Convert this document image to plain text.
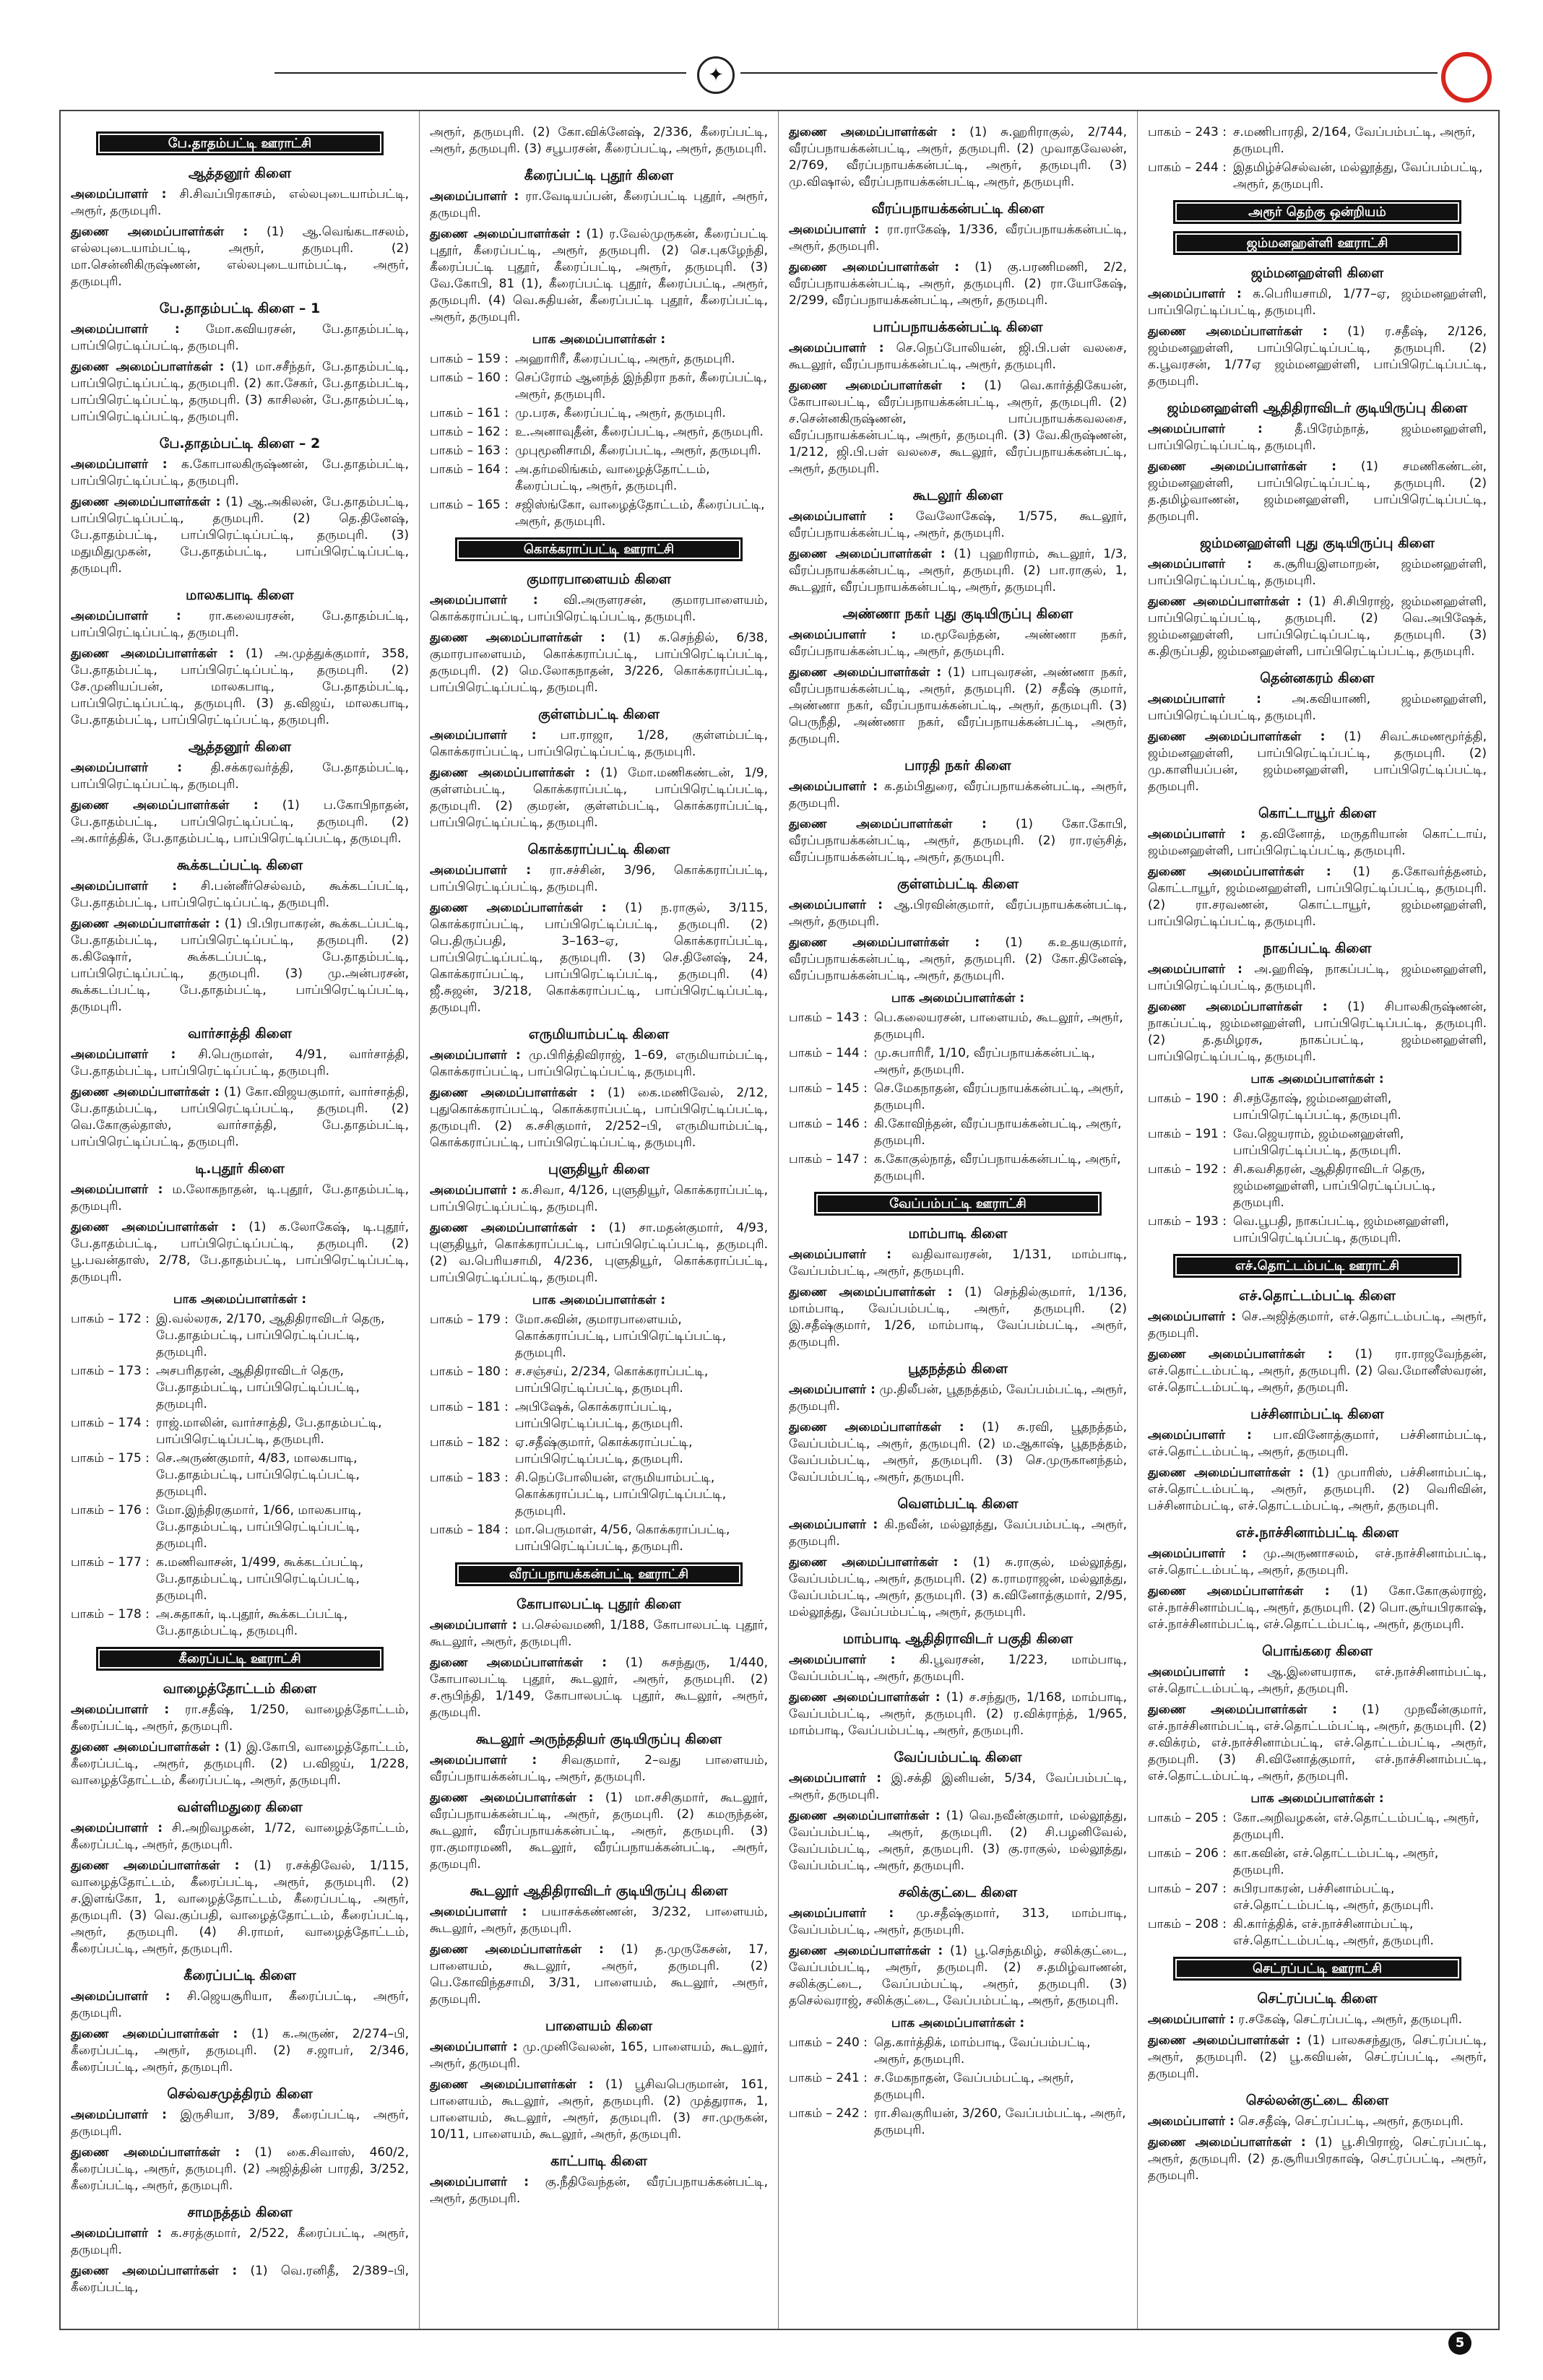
✦
பே.தாதம்பட்டி ஊராட்சி
ஆத்தனூர் கிளை
அமைப்பாளர் : சி.சிவப்பிரகாசம், எல்லபுடையாம்பட்டி, அரூர், தருமபுரி.
துணை அமைப்பாளர்கள் : (1) ஆ.வெங்கடாசலம், எல்லபுடையாம்பட்டி, அரூர், தருமபுரி. (2) மா.சென்னிகிருஷ்ணன், எல்லபுடையாம்பட்டி, அரூர், தருமபுரி.
பே.தாதம்பட்டி கிளை – 1
அமைப்பாளர் : மோ.கவியரசன், பே.தாதம்பட்டி, பாப்பிரெட்டிப்பட்டி, தருமபுரி.
துணை அமைப்பாளர்கள் : (1) மா.சசீந்தர், பே.தாதம்பட்டி, பாப்பிரெட்டிப்பட்டி, தருமபுரி. (2) கா.சேகர், பே.தாதம்பட்டி, பாப்பிரெட்டிப்பட்டி, தருமபுரி. (3) காசிலன், பே.தாதம்பட்டி, பாப்பிரெட்டிப்பட்டி, தருமபுரி.
பே.தாதம்பட்டி கிளை – 2
அமைப்பாளர் : க.கோபாலகிருஷ்ணன், பே.தாதம்பட்டி, பாப்பிரெட்டிப்பட்டி, தருமபுரி.
துணை அமைப்பாளர்கள் : (1) ஆ.அகிலன், பே.தாதம்பட்டி, பாப்பிரெட்டிப்பட்டி, தருமபுரி. (2) தெ.தினேஷ், பே.தாதம்பட்டி, பாப்பிரெட்டிப்பட்டி, தருமபுரி. (3) மதுமிதுமுகன், பே.தாதம்பட்டி, பாப்பிரெட்டிப்பட்டி, தருமபுரி.
மாலகபாடி கிளை
அமைப்பாளர் : ரா.கலையரசன், பே.தாதம்பட்டி, பாப்பிரெட்டிப்பட்டி, தருமபுரி.
துணை அமைப்பாளர்கள் : (1) அ.முத்துக்குமார், 358, பே.தாதம்பட்டி, பாப்பிரெட்டிப்பட்டி, தருமபுரி. (2) சே.முனியப்பன், மாலகபாடி, பே.தாதம்பட்டி, பாப்பிரெட்டிப்பட்டி, தருமபுரி. (3) த.விஜய், மாலகபாடி, பே.தாதம்பட்டி, பாப்பிரெட்டிப்பட்டி, தருமபுரி.
ஆத்தனூர் கிளை
அமைப்பாளர் : தி.சக்கரவர்த்தி, பே.தாதம்பட்டி, பாப்பிரெட்டிப்பட்டி, தருமபுரி.
துணை அமைப்பாளர்கள் : (1) ப.கோபிநாதன், பே.தாதம்பட்டி, பாப்பிரெட்டிப்பட்டி, தருமபுரி. (2) அ.கார்த்திக், பே.தாதம்பட்டி, பாப்பிரெட்டிப்பட்டி, தருமபுரி.
கூக்கடப்பட்டி கிளை
அமைப்பாளர் : சி.பன்னீர்செல்வம், கூக்கடப்பட்டி, பே.தாதம்பட்டி, பாப்பிரெட்டிப்பட்டி, தருமபுரி.
துணை அமைப்பாளர்கள் : (1) பி.பிரபாகரன், கூக்கடப்பட்டி, பே.தாதம்பட்டி, பாப்பிரெட்டிப்பட்டி, தருமபுரி. (2) க.கிஷோர், கூக்கடப்பட்டி, பே.தாதம்பட்டி, பாப்பிரெட்டிப்பட்டி, தருமபுரி. (3) மு.அன்பரசன், கூக்கடப்பட்டி, பே.தாதம்பட்டி, பாப்பிரெட்டிப்பட்டி, தருமபுரி.
வார்சாத்தி கிளை
அமைப்பாளர் : சி.பெருமாள், 4/91, வார்சாத்தி, பே.தாதம்பட்டி, பாப்பிரெட்டிப்பட்டி, தருமபுரி.
துணை அமைப்பாளர்கள் : (1) கோ.விஜயகுமார், வார்சாத்தி, பே.தாதம்பட்டி, பாப்பிரெட்டிப்பட்டி, தருமபுரி. (2) வெ.கோகுல்தாஸ், வார்சாத்தி, பே.தாதம்பட்டி, பாப்பிரெட்டிப்பட்டி, தருமபுரி.
டி.புதூர் கிளை
அமைப்பாளர் : ம.லோகநாதன், டி.புதூர், பே.தாதம்பட்டி, தருமபுரி.
துணை அமைப்பாளர்கள் : (1) க.லோகேஷ், டி.புதூர், பே.தாதம்பட்டி, பாப்பிரெட்டிப்பட்டி, தருமபுரி. (2) பூ.பவன்தாஸ், 2/78, பே.தாதம்பட்டி, பாப்பிரெட்டிப்பட்டி, தருமபுரி.
பாக அமைப்பாளர்கள் :
பாகம் – 172 : இ.வல்லரசு, 2/170, ஆதிதிராவிடர் தெரு, பே.தாதம்பட்டி, பாப்பிரெட்டிப்பட்டி, தருமபுரி.
பாகம் – 173 : அசபரிதரன், ஆதிதிராவிடர் தெரு, பே.தாதம்பட்டி, பாப்பிரெட்டிப்பட்டி, தருமபுரி.
பாகம் – 174 : ராஜ்.மாலின், வார்சாத்தி, பே.தாதம்பட்டி, பாப்பிரெட்டிப்பட்டி, தருமபுரி.
பாகம் – 175 : செ.அருண்குமார், 4/83, மாலகபாடி, பே.தாதம்பட்டி, பாப்பிரெட்டிப்பட்டி, தருமபுரி.
பாகம் – 176 : மோ.இந்திரகுமார், 1/66, மாலகபாடி, பே.தாதம்பட்டி, பாப்பிரெட்டிப்பட்டி, தருமபுரி.
பாகம் – 177 : க.மணிவாசன், 1/499, கூக்கடப்பட்டி, பே.தாதம்பட்டி, பாப்பிரெட்டிப்பட்டி, தருமபுரி.
பாகம் – 178 : அ.சுதாகர், டி.புதூர், கூக்கடப்பட்டி, பே.தாதம்பட்டி, தருமபுரி.
கீரைப்பட்டி ஊராட்சி
வாழைத்தோட்டம் கிளை
அமைப்பாளர் : ரா.சதீஷ், 1/250, வாழைத்தோட்டம், கீரைப்பட்டி, அரூர், தருமபுரி.
துணை அமைப்பாளர்கள் : (1) இ.கோபி, வாழைத்தோட்டம், கீரைப்பட்டி, அரூர், தருமபுரி. (2) ப.விஜய், 1/228, வாழைத்தோட்டம், கீரைப்பட்டி, அரூர், தருமபுரி.
வள்ளிமதுரை கிளை
அமைப்பாளர் : சி.அறிவழகன், 1/72, வாழைத்தோட்டம், கீரைப்பட்டி, அரூர், தருமபுரி.
துணை அமைப்பாளர்கள் : (1) ர.சக்திவேல், 1/115, வாழைத்தோட்டம், கீரைப்பட்டி, அரூர், தருமபுரி. (2) ச.இளங்கோ, 1, வாழைத்தோட்டம், கீரைப்பட்டி, அரூர், தருமபுரி. (3) வெ.குப்பதி, வாழைத்தோட்டம், கீரைப்பட்டி, அரூர், தருமபுரி. (4) சி.ராமர், வாழைத்தோட்டம், கீரைப்பட்டி, அரூர், தருமபுரி.
கீரைப்பட்டி கிளை
அமைப்பாளர் : சி.ஜெயசூரியா, கீரைப்பட்டி, அரூர், தருமபுரி.
துணை அமைப்பாளர்கள் : (1) க.அருண், 2/274–பி, கீரைப்பட்டி, அரூர், தருமபுரி. (2) ச.ஜாபர், 2/346, கீரைப்பட்டி, அரூர், தருமபுரி.
செல்வசமுத்திரம் கிளை
அமைப்பாளர் : இருசியா, 3/89, கீரைப்பட்டி, அரூர், தருமபுரி.
துணை அமைப்பாளர்கள் : (1) கை.சிவாஸ், 460/2, கீரைப்பட்டி, அரூர், தருமபுரி. (2) அஜித்தின் பாரதி, 3/252, கீரைப்பட்டி, அரூர், தருமபுரி.
சாமநத்தம் கிளை
அமைப்பாளர் : க.சரத்குமார், 2/522, கீரைப்பட்டி, அரூர், தருமபுரி.
துணை அமைப்பாளர்கள் : (1) வெ.ரனிதீ, 2/389–பி, கீரைப்பட்டி,
அரூர், தருமபுரி. (2) கோ.விக்னேஷ், 2/336, கீரைப்பட்டி, அரூர், தருமபுரி. (3) சபூபரசன், கீரைப்பட்டி, அரூர், தருமபுரி.
கீரைப்பட்டி புதூர் கிளை
அமைப்பாளர் : ரா.வேடியப்பன், கீரைப்பட்டி புதூர், அரூர், தருமபுரி.
துணை அமைப்பாளர்கள் : (1) ர.வேல்முருகன், கீரைப்பட்டி புதூர், கீரைப்பட்டி, அரூர், தருமபுரி. (2) செ.புகழேந்தி, கீரைப்பட்டி புதூர், கீரைப்பட்டி, அரூர், தருமபுரி. (3) வே.கோபி, 81 (1), கீரைப்பட்டி புதூர், கீரைப்பட்டி, அரூர், தருமபுரி. (4) வெ.சுதியன், கீரைப்பட்டி புதூர், கீரைப்பட்டி, அரூர், தருமபுரி.
பாக அமைப்பாளர்கள் :
பாகம் – 159 : அஹாரிரீ, கீரைப்பட்டி, அரூர், தருமபுரி.
பாகம் – 160 : செப்ரோம் ஆனந்த் இந்திரா நகர், கீரைப்பட்டி, அரூர், தருமபுரி.
பாகம் – 161 : மு.பரசு, கீரைப்பட்டி, அரூர், தருமபுரி.
பாகம் – 162 : உ.அனாவுதீன், கீரைப்பட்டி, அரூர், தருமபுரி.
பாகம் – 163 : முபுமூனிசாமி, கீரைப்பட்டி, அரூர், தருமபுரி.
பாகம் – 164 : அ.தர்மலிங்கம், வாழைத்தோட்டம், கீரைப்பட்டி, அரூர், தருமபுரி.
பாகம் – 165 : சஜிஸ்ங்கோ, வாழைத்தோட்டம், கீரைப்பட்டி, அரூர், தருமபுரி.
கொக்கராப்பட்டி ஊராட்சி
குமாரபாளையம் கிளை
அமைப்பாளர் : வி.அருளரசன், குமாரபாளையம், கொக்கராப்பட்டி, பாப்பிரெட்டிப்பட்டி, தருமபுரி.
துணை அமைப்பாளர்கள் : (1) க.செந்தில், 6/38, குமாரபாளையம், கொக்கராப்பட்டி, பாப்பிரெட்டிப்பட்டி, தருமபுரி. (2) மெ.லோகநாதன், 3/226, கொக்கராப்பட்டி, பாப்பிரெட்டிப்பட்டி, தருமபுரி.
குள்ளம்பட்டி கிளை
அமைப்பாளர் : பா.ராஜா, 1/28, குள்ளம்பட்டி, கொக்கராப்பட்டி, பாப்பிரெட்டிப்பட்டி, தருமபுரி.
துணை அமைப்பாளர்கள் : (1) மோ.மணிகண்டன், 1/9, குள்ளம்பட்டி, கொக்கராப்பட்டி, பாப்பிரெட்டிப்பட்டி, தருமபுரி. (2) குமரன், குள்ளம்பட்டி, கொக்கராப்பட்டி, பாப்பிரெட்டிப்பட்டி, தருமபுரி.
கொக்கராப்பட்டி கிளை
அமைப்பாளர் : ரா.சச்சின், 3/96, கொக்கராப்பட்டி, பாப்பிரெட்டிப்பட்டி, தருமபுரி.
துணை அமைப்பாளர்கள் : (1) ந.ராகுல், 3/115, கொக்கராப்பட்டி, பாப்பிரெட்டிப்பட்டி, தருமபுரி. (2) பெ.திருப்பதி, 3–163–ஏ, கொக்கராப்பட்டி, பாப்பிரெட்டிப்பட்டி, தருமபுரி. (3) செ.தினேஷ், 24, கொக்கராப்பட்டி, பாப்பிரெட்டிப்பட்டி, தருமபுரி. (4) ஜீ.சுஜன், 3/218, கொக்கராப்பட்டி, பாப்பிரெட்டிப்பட்டி, தருமபுரி.
எருமியாம்பட்டி கிளை
அமைப்பாளர் : மு.பிரித்திவிராஜ், 1–69, எருமியாம்பட்டி, கொக்கராப்பட்டி, பாப்பிரெட்டிப்பட்டி, தருமபுரி.
துணை அமைப்பாளர்கள் : (1) கை.மணிவேல், 2/12, புதுகொக்கராப்பட்டி, கொக்கராப்பட்டி, பாப்பிரெட்டிப்பட்டி, தருமபுரி. (2) க.சசிகுமார், 2/252–பி, எருமியாம்பட்டி, கொக்கராப்பட்டி, பாப்பிரெட்டிப்பட்டி, தருமபுரி.
புளுதியூர் கிளை
அமைப்பாளர் : க.சிவா, 4/126, புளுதியூர், கொக்கராப்பட்டி, பாப்பிரெட்டிப்பட்டி, தருமபுரி.
துணை அமைப்பாளர்கள் : (1) சா.மதன்குமார், 4/93, புளுதியூர், கொக்கராப்பட்டி, பாப்பிரெட்டிப்பட்டி, தருமபுரி. (2) வ.பெரியசாமி, 4/236, புளுதியூர், கொக்கராப்பட்டி, பாப்பிரெட்டிப்பட்டி, தருமபுரி.
பாக அமைப்பாளர்கள் :
பாகம் – 179 : மோ.சுவின், குமாரபாளையம், கொக்கராப்பட்டி, பாப்பிரெட்டிப்பட்டி, தருமபுரி.
பாகம் – 180 : ச.சஞ்சய், 2/234, கொக்கராப்பட்டி, பாப்பிரெட்டிப்பட்டி, தருமபுரி.
பாகம் – 181 : அபிஷேக், கொக்கராப்பட்டி, பாப்பிரெட்டிப்பட்டி, தருமபுரி.
பாகம் – 182 : ஏ.சதீஷ்குமார், கொக்கராப்பட்டி, பாப்பிரெட்டிப்பட்டி, தருமபுரி.
பாகம் – 183 : சி.நெப்போலியன், எருமியாம்பட்டி, கொக்கராப்பட்டி, பாப்பிரெட்டிப்பட்டி, தருமபுரி.
பாகம் – 184 : மா.பெருமாள், 4/56, கொக்கராப்பட்டி, பாப்பிரெட்டிப்பட்டி, தருமபுரி.
வீரப்பநாயக்கன்பட்டி ஊராட்சி
கோபாலபட்டி புதூர் கிளை
அமைப்பாளர் : ப.செல்வமணி, 1/188, கோபாலபட்டி புதூர், கூடலூர், அரூர், தருமபுரி.
துணை அமைப்பாளர்கள் : (1) சுசந்துரு, 1/440, கோபாலபட்டி புதூர், கூடலூர், அரூர், தருமபுரி. (2) ச.ரூபிந்தி, 1/149, கோபாலபட்டி புதூர், கூடலூர், அரூர், தருமபுரி.
கூடலூர் அருந்ததியர் குடியிருப்பு கிளை
அமைப்பாளர் : சிவகுமார், 2–வது பாளையம், வீரப்பநாயக்கன்பட்டி, அரூர், தருமபுரி.
துணை அமைப்பாளர்கள் : (1) மா.சசிகுமார், கூடலூர், வீரப்பநாயக்கன்பட்டி, அரூர், தருமபுரி. (2) கமருந்தன், கூடலூர், வீரப்பநாயக்கன்பட்டி, அரூர், தருமபுரி. (3) ரா.குமாரமணி, கூடலூர், வீரப்பநாயக்கன்பட்டி, அரூர், தருமபுரி.
கூடலூர் ஆதிதிராவிடர் குடியிருப்பு கிளை
அமைப்பாளர் : பயாசக்கண்ணன், 3/232, பாளையம், கூடலூர், அரூர், தருமபுரி.
துணை அமைப்பாளர்கள் : (1) த.முருகேசன், 17, பாளையம், கூடலூர், அரூர், தருமபுரி. (2) பெ.கோவிந்தசாமி, 3/31, பாளையம், கூடலூர், அரூர், தருமபுரி.
பாளையம் கிளை
அமைப்பாளர் : மு.முனிவேலன், 165, பாளையம், கூடலூர், அரூர், தருமபுரி.
துணை அமைப்பாளர்கள் : (1) பூசிவபெருமான், 161, பாளையம், கூடலூர், அரூர், தருமபுரி. (2) முத்துராசு, 1, பாளையம், கூடலூர், அரூர், தருமபுரி. (3) சா.முருகன், 10/11, பாளையம், கூடலூர், அரூர், தருமபுரி.
காட்பாடி கிளை
அமைப்பாளர் : கு.நீதிவேந்தன், வீரப்பநாயக்கன்பட்டி, அரூர், தருமபுரி.
துணை அமைப்பாளர்கள் : (1) சு.ஹரிராகுல், 2/744, வீரப்பநாயக்கன்பட்டி, அரூர், தருமபுரி. (2) முவாதவேலன், 2/769, வீரப்பநாயக்கன்பட்டி, அரூர், தருமபுரி. (3) மு.விஷால், வீரப்பநாயக்கன்பட்டி, அரூர், தருமபுரி.
வீரப்பநாயக்கன்பட்டி கிளை
அமைப்பாளர் : ரா.ராகேஷ், 1/336, வீரப்பநாயக்கன்பட்டி, அரூர், தருமபுரி.
துணை அமைப்பாளர்கள் : (1) கு.பரணிமணி, 2/2, வீரப்பநாயக்கன்பட்டி, அரூர், தருமபுரி. (2) ரா.யோகேஷ், 2/299, வீரப்பநாயக்கன்பட்டி, அரூர், தருமபுரி.
பாப்பநாயக்கன்பட்டி கிளை
அமைப்பாளர் : செ.நெப்போலியன், ஜி.பி.பள் வலசை, கூடலூர், வீரப்பநாயக்கன்பட்டி, அரூர், தருமபுரி.
துணை அமைப்பாளர்கள் : (1) வெ.கார்த்திகேயன், கோபாலபட்டி, வீரப்பநாயக்கன்பட்டி, அரூர், தருமபுரி. (2) ச.சென்னகிருஷ்ணன், பாப்பநாயக்கவலசை, வீரப்பநாயக்கன்பட்டி, அரூர், தருமபுரி. (3) வே.கிருஷ்ணன், 1/212, ஜி.பி.பள் வலசை, கூடலூர், வீரப்பநாயக்கன்பட்டி, அரூர், தருமபுரி.
கூடலூர் கிளை
அமைப்பாளர் : வேலோகேஷ், 1/575, கூடலூர், வீரப்பநாயக்கன்பட்டி, அரூர், தருமபுரி.
துணை அமைப்பாளர்கள் : (1) புஹரிராம், கூடலூர், 1/3, வீரப்பநாயக்கன்பட்டி, அரூர், தருமபுரி. (2) பா.ராகுல், 1, கூடலூர், வீரப்பநாயக்கன்பட்டி, அரூர், தருமபுரி.
அண்ணா நகர் புது குடியிருப்பு கிளை
அமைப்பாளர் : ம.மூவேந்தன், அண்ணா நகர், வீரப்பநாயக்கன்பட்டி, அரூர், தருமபுரி.
துணை அமைப்பாளர்கள் : (1) பாபுவரசன், அண்ணா நகர், வீரப்பநாயக்கன்பட்டி, அரூர், தருமபுரி. (2) சதீஷ் குமார், அண்ணா நகர், வீரப்பநாயக்கன்பட்டி, அரூர், தருமபுரி. (3) பெருநீதி, அண்ணா நகர், வீரப்பநாயக்கன்பட்டி, அரூர், தருமபுரி.
பாரதி நகர் கிளை
அமைப்பாளர் : க.தம்பிதுரை, வீரப்பநாயக்கன்பட்டி, அரூர், தருமபுரி.
துணை அமைப்பாளர்கள் : (1) கோ.கோபி, வீரப்பநாயக்கன்பட்டி, அரூர், தருமபுரி. (2) ரா.ரஞ்சித், வீரப்பநாயக்கன்பட்டி, அரூர், தருமபுரி.
குள்ளம்பட்டி கிளை
அமைப்பாளர் : ஆ.பிரவின்குமார், வீரப்பநாயக்கன்பட்டி, அரூர், தருமபுரி.
துணை அமைப்பாளர்கள் : (1) க.உதயகுமார், வீரப்பநாயக்கன்பட்டி, அரூர், தருமபுரி. (2) கோ.தினேஷ், வீரப்பநாயக்கன்பட்டி, அரூர், தருமபுரி.
பாக அமைப்பாளர்கள் :
பாகம் – 143 : பெ.கலையரசன், பாளையம், கூடலூர், அரூர், தருமபுரி.
பாகம் – 144 : மு.சுபாரிரீ, 1/10, வீரப்பநாயக்கன்பட்டி, அரூர், தருமபுரி.
பாகம் – 145 : செ.மேகநாதன், வீரப்பநாயக்கன்பட்டி, அரூர், தருமபுரி.
பாகம் – 146 : கி.கோவிந்தன், வீரப்பநாயக்கன்பட்டி, அரூர், தருமபுரி.
பாகம் – 147 : க.கோகுல்நாத், வீரப்பநாயக்கன்பட்டி, அரூர், தருமபுரி.
வேப்பம்பட்டி ஊராட்சி
மாம்பாடி கிளை
அமைப்பாளர் : வதிவாவரசன், 1/131, மாம்பாடி, வேப்பம்பட்டி, அரூர், தருமபுரி.
துணை அமைப்பாளர்கள் : (1) செந்தில்குமார், 1/136, மாம்பாடி, வேப்பம்பட்டி, அரூர், தருமபுரி. (2) இ.சதீஷ்குமார், 1/26, மாம்பாடி, வேப்பம்பட்டி, அரூர், தருமபுரி.
பூதநத்தம் கிளை
அமைப்பாளர் : மு.திலீபன், பூதநத்தம், வேப்பம்பட்டி, அரூர், தருமபுரி.
துணை அமைப்பாளர்கள் : (1) சு.ரவி, பூதநத்தம், வேப்பம்பட்டி, அரூர், தருமபுரி. (2) ம.ஆகாஷ், பூதநத்தம், வேப்பம்பட்டி, அரூர், தருமபுரி. (3) செ.முருகானந்தம், வேப்பம்பட்டி, அரூர், தருமபுரி.
வௌம்பட்டி கிளை
அமைப்பாளர் : கி.நவீன், மல்லூத்து, வேப்பம்பட்டி, அரூர், தருமபுரி.
துணை அமைப்பாளர்கள் : (1) சு.ராகுல், மல்லூத்து, வேப்பம்பட்டி, அரூர், தருமபுரி. (2) க.ராமராஜன், மல்லூத்து, வேப்பம்பட்டி, அரூர், தருமபுரி. (3) க.வினோத்குமார், 2/95, மல்லூத்து, வேப்பம்பட்டி, அரூர், தருமபுரி.
மாம்பாடி ஆதிதிராவிடர் பகுதி கிளை
அமைப்பாளர் : கி.பூவரசன், 1/223, மாம்பாடி, வேப்பம்பட்டி, அரூர், தருமபுரி.
துணை அமைப்பாளர்கள் : (1) ச.சந்துரு, 1/168, மாம்பாடி, வேப்பம்பட்டி, அரூர், தருமபுரி. (2) ர.விக்ராந்த், 1/965, மாம்பாடி, வேப்பம்பட்டி, அரூர், தருமபுரி.
வேப்பம்பட்டி கிளை
அமைப்பாளர் : இ.சக்தி இனியன், 5/34, வேப்பம்பட்டி, அரூர், தருமபுரி.
துணை அமைப்பாளர்கள் : (1) வெ.நவீன்குமார், மல்லூத்து, வேப்பம்பட்டி, அரூர், தருமபுரி. (2) சி.பழனிவேல், வேப்பம்பட்டி, அரூர், தருமபுரி. (3) கு.ராகுல், மல்லூத்து, வேப்பம்பட்டி, அரூர், தருமபுரி.
சலிக்குட்டை கிளை
அமைப்பாளர் : மு.சதீஷ்குமார், 313, மாம்பாடி, வேப்பம்பட்டி, அரூர், தருமபுரி.
துணை அமைப்பாளர்கள் : (1) பூ.செந்தமிழ், சலிக்குட்டை, வேப்பம்பட்டி, அரூர், தருமபுரி. (2) ச.தமிழ்வாணன், சலிக்குட்டை, வேப்பம்பட்டி, அரூர், தருமபுரி. (3) தசெல்வராஜ், சலிக்குட்டை, வேப்பம்பட்டி, அரூர், தருமபுரி.
பாக அமைப்பாளர்கள் :
பாகம் – 240 : தெ.கார்த்திக், மாம்பாடி, வேப்பம்பட்டி, அரூர், தருமபுரி.
பாகம் – 241 : ச.மேகநாதன், வேப்பம்பட்டி, அரூர், தருமபுரி.
பாகம் – 242 : ரா.சிவகுரியன், 3/260, வேப்பம்பட்டி, அரூர், தருமபுரி.
பாகம் – 243 : ச.மணிபாரதி, 2/164, வேப்பம்பட்டி, அரூர், தருமபுரி.
பாகம் – 244 : இதமிழ்ச்செல்வன், மல்லூத்து, வேப்பம்பட்டி, அரூர், தருமபுரி.
அரூர் தெற்கு ஒன்றியம்
ஜம்மனஹள்ளி ஊராட்சி
ஜம்மனஹள்ளி கிளை
அமைப்பாளர் : க.பெரியசாமி, 1/77–ஏ, ஜம்மனஹள்ளி, பாப்பிரெட்டிப்பட்டி, தருமபுரி.
துணை அமைப்பாளர்கள் : (1) ர.சதீஷ், 2/126, ஜம்மனஹள்ளி, பாப்பிரெட்டிப்பட்டி, தருமபுரி. (2) க.பூவரசன், 1/77ஏ ஜம்மனஹள்ளி, பாப்பிரெட்டிப்பட்டி, தருமபுரி.
ஜம்மனஹள்ளி ஆதிதிராவிடர் குடியிருப்பு கிளை
அமைப்பாளர் :	தீ.பிரேம்நாத், ஜம்மனஹள்ளி, பாப்பிரெட்டிப்பட்டி, தருமபுரி.
துணை அமைப்பாளர்கள் : (1) சமணிகண்டன், ஜம்மனஹள்ளி, பாப்பிரெட்டிப்பட்டி, தருமபுரி. (2) த.தமிழ்வாணன், ஜம்மனஹள்ளி, பாப்பிரெட்டிப்பட்டி, தருமபுரி.
ஜம்மனஹள்ளி புது குடியிருப்பு கிளை
அமைப்பாளர் : க.சூரியஇளமாறன், ஜம்மனஹள்ளி, பாப்பிரெட்டிப்பட்டி, தருமபுரி.
துணை அமைப்பாளர்கள் : (1) சி.சிபிராஜ், ஜம்மனஹள்ளி, பாப்பிரெட்டிப்பட்டி, தருமபுரி. (2) வெ.அபிஷேக், ஜம்மனஹள்ளி, பாப்பிரெட்டிப்பட்டி, தருமபுரி. (3) க.திருப்பதி, ஜம்மனஹள்ளி, பாப்பிரெட்டிப்பட்டி, தருமபுரி.
தென்னகரம் கிளை
அமைப்பாளர் :	அ.கவியாணி, ஜம்மனஹள்ளி, பாப்பிரெட்டிப்பட்டி, தருமபுரி.
துணை அமைப்பாளர்கள் : (1) சிவட்சுமணமூர்த்தி, ஜம்மனஹள்ளி, பாப்பிரெட்டிப்பட்டி, தருமபுரி. (2) மு.காளியப்பன், ஜம்மனஹள்ளி, பாப்பிரெட்டிப்பட்டி, தருமபுரி.
கொட்டாயூர் கிளை
அமைப்பாளர் : த.வினோத், மருதரியான் கொட்டாய், ஜம்மனஹள்ளி, பாப்பிரெட்டிப்பட்டி, தருமபுரி.
துணை அமைப்பாளர்கள் : (1) த.கோவர்த்தனம், கொட்டாயூர், ஜம்மனஹள்ளி, பாப்பிரெட்டிப்பட்டி, தருமபுரி. (2) ரா.சரவணன், கொட்டாயூர், ஜம்மனஹள்ளி, பாப்பிரெட்டிப்பட்டி, தருமபுரி.
நாகப்பட்டி கிளை
அமைப்பாளர் : அ.ஹரிஷ், நாகப்பட்டி, ஜம்மனஹள்ளி, பாப்பிரெட்டிப்பட்டி, தருமபுரி.
துணை அமைப்பாளர்கள் : (1) சிபாலகிருஷ்ணன், நாகப்பட்டி, ஜம்மனஹள்ளி, பாப்பிரெட்டிப்பட்டி, தருமபுரி. (2) த.தமிழரசு, நாகப்பட்டி, ஜம்மனஹள்ளி, பாப்பிரெட்டிப்பட்டி, தருமபுரி.
பாக அமைப்பாளர்கள் :
பாகம் – 190 : சி.சந்தோஷ், ஜம்மனஹள்ளி, பாப்பிரெட்டிப்பட்டி, தருமபுரி.
பாகம் – 191 : வே.ஜெயராம், ஜம்மனஹள்ளி, பாப்பிரெட்டிப்பட்டி, தருமபுரி.
பாகம் – 192 : சி.கவசிதரன், ஆதிதிராவிடர் தெரு, ஜம்மனஹள்ளி, பாப்பிரெட்டிப்பட்டி, தருமபுரி.
பாகம் – 193 : வெ.பூபதி, நாகப்பட்டி, ஜம்மனஹள்ளி, பாப்பிரெட்டிப்பட்டி, தருமபுரி.
எச்.தொட்டம்பட்டி ஊராட்சி
எச்.தொட்டம்பட்டி கிளை
அமைப்பாளர் : செ.அஜித்குமார், எச்.தொட்டம்பட்டி, அரூர், தருமபுரி.
துணை அமைப்பாளர்கள் : (1) ரா.ராஜவேந்தன், எச்.தொட்டம்பட்டி, அரூர், தருமபுரி. (2) வெ.மோனீஸ்வரன், எச்.தொட்டம்பட்டி, அரூர், தருமபுரி.
பச்சினாம்பட்டி கிளை
அமைப்பாளர் : பா.வினோத்குமார், பச்சினாம்பட்டி, எச்.தொட்டம்பட்டி, அரூர், தருமபுரி.
துணை அமைப்பாளர்கள் : (1) முபாரிஸ், பச்சினாம்பட்டி, எச்.தொட்டம்பட்டி, அரூர், தருமபுரி. (2) வெரிவின், பச்சினாம்பட்டி, எச்.தொட்டம்பட்டி, அரூர், தருமபுரி.
எச்.நாச்சினாம்பட்டி கிளை
அமைப்பாளர் : மு.அருணாசலம், எச்.நாச்சினாம்பட்டி, எச்.தொட்டம்பட்டி, அரூர், தருமபுரி.
துணை அமைப்பாளர்கள் : (1) கோ.கோகுல்ராஜ், எச்.நாச்சினாம்பட்டி, அரூர், தருமபுரி. (2) பொ.சூர்யபிரகாஷ், எச்.நாச்சினாம்பட்டி, எச்.தொட்டம்பட்டி, அரூர், தருமபுரி.
பொங்கரை கிளை
அமைப்பாளர் : ஆ.இளையராசு, எச்.நாச்சினாம்பட்டி, எச்.தொட்டம்பட்டி, அரூர், தருமபுரி.
துணை அமைப்பாளர்கள் : (1) முநவீன்குமார், எச்.நாச்சினாம்பட்டி, எச்.தொட்டம்பட்டி, அரூர், தருமபுரி. (2) ச.விக்ரம், எச்.நாச்சினாம்பட்டி, எச்.தொட்டம்பட்டி, அரூர், தருமபுரி. (3) சி.வினோத்குமார், எச்.நாச்சினாம்பட்டி, எச்.தொட்டம்பட்டி, அரூர், தருமபுரி.
பாக அமைப்பாளர்கள் :
பாகம் – 205 : கோ.அறிவழகன், எச்.தொட்டம்பட்டி, அரூர், தருமபுரி.
பாகம் – 206 : கா.கவின், எச்.தொட்டம்பட்டி, அரூர், தருமபுரி.
பாகம் – 207 : சுபிரபாகரன், பச்சினாம்பட்டி, எச்.தொட்டம்பட்டி, அரூர், தருமபுரி.
பாகம் – 208 : கி.கார்த்திக், எச்.நாச்சினாம்பட்டி, எச்.தொட்டம்பட்டி, அரூர், தருமபுரி.
செட்ரப்பட்டி ஊராட்சி
செட்ரப்பட்டி கிளை
அமைப்பாளர் : ர.சகேஷ், செட்ரப்பட்டி, அரூர், தருமபுரி.
துணை அமைப்பாளர்கள் : (1) பாலசுசந்துரு, செட்ரப்பட்டி, அரூர், தருமபுரி. (2) பூ.கவியன், செட்ரப்பட்டி, அரூர், தருமபுரி.
செல்லன்குட்டை கிளை
அமைப்பாளர் : செ.சதீஷ், செட்ரப்பட்டி, அரூர், தருமபுரி.
துணை அமைப்பாளர்கள் : (1) பூ.சிபிராஜ், செட்ரப்பட்டி, அரூர், தருமபுரி. (2) த.சூரியபிரகாஷ், செட்ரப்பட்டி, அரூர், தருமபுரி.
5
